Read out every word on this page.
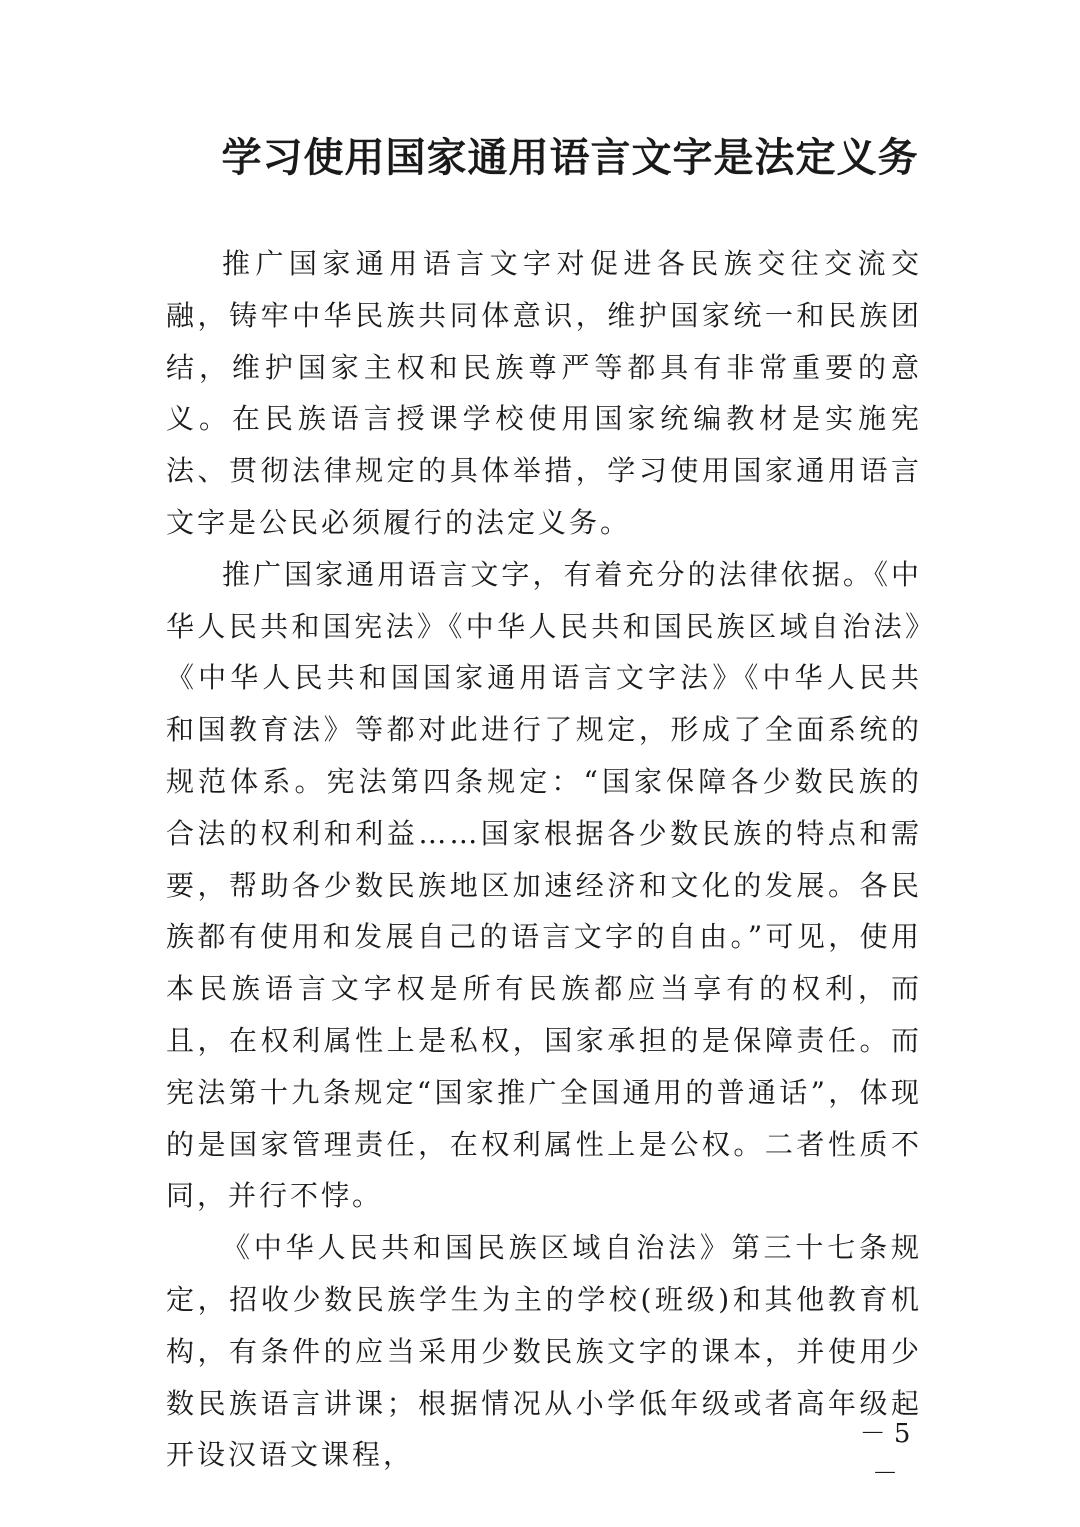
学习使用国家通用语言文字是法定义务

推广国家通用语言文字对促进各民族交往交流交融，铸牢中华民族共同体意识，维护国家统一和民族团结，维护国家主权和民族尊严等都具有非常重要的意义。在民族语言授课学校使用国家统编教材是实施宪法、贯彻法律规定的具体举措，学习使用国家通用语言文字是公民必须履行的法定义务。

推广国家通用语言文字，有着充分的法律依据。《中华人民共和国宪法》《中华人民共和国民族区域自治法》《中华人民共和国国家通用语言文字法》《中华人民共和国教育法》等都对此进行了规定，形成了全面系统的规范体系。宪法第四条规定：“国家保障各少数民族的合法的权利和利益……国家根据各少数民族的特点和需要，帮助各少数民族地区加速经济和文化的发展。各民族都有使用和发展自己的语言文字的自由。”可见，使用本民族语言文字权是所有民族都应当享有的权利，而且，在权利属性上是私权，国家承担的是保障责任。而宪法第十九条规定“国家推广全国通用的普通话”，体现的是国家管理责任，在权利属性上是公权。二者性质不同，并行不悖。

《中华人民共和国民族区域自治法》第三十七条规定，招收少数民族学生为主的学校(班级)和其他教育机构，有条件的应当采用少数民族文字的课本，并使用少数民族语言讲课；根据情况从小学低年级或者高年级起开设汉语文课程，

－ 5 －
